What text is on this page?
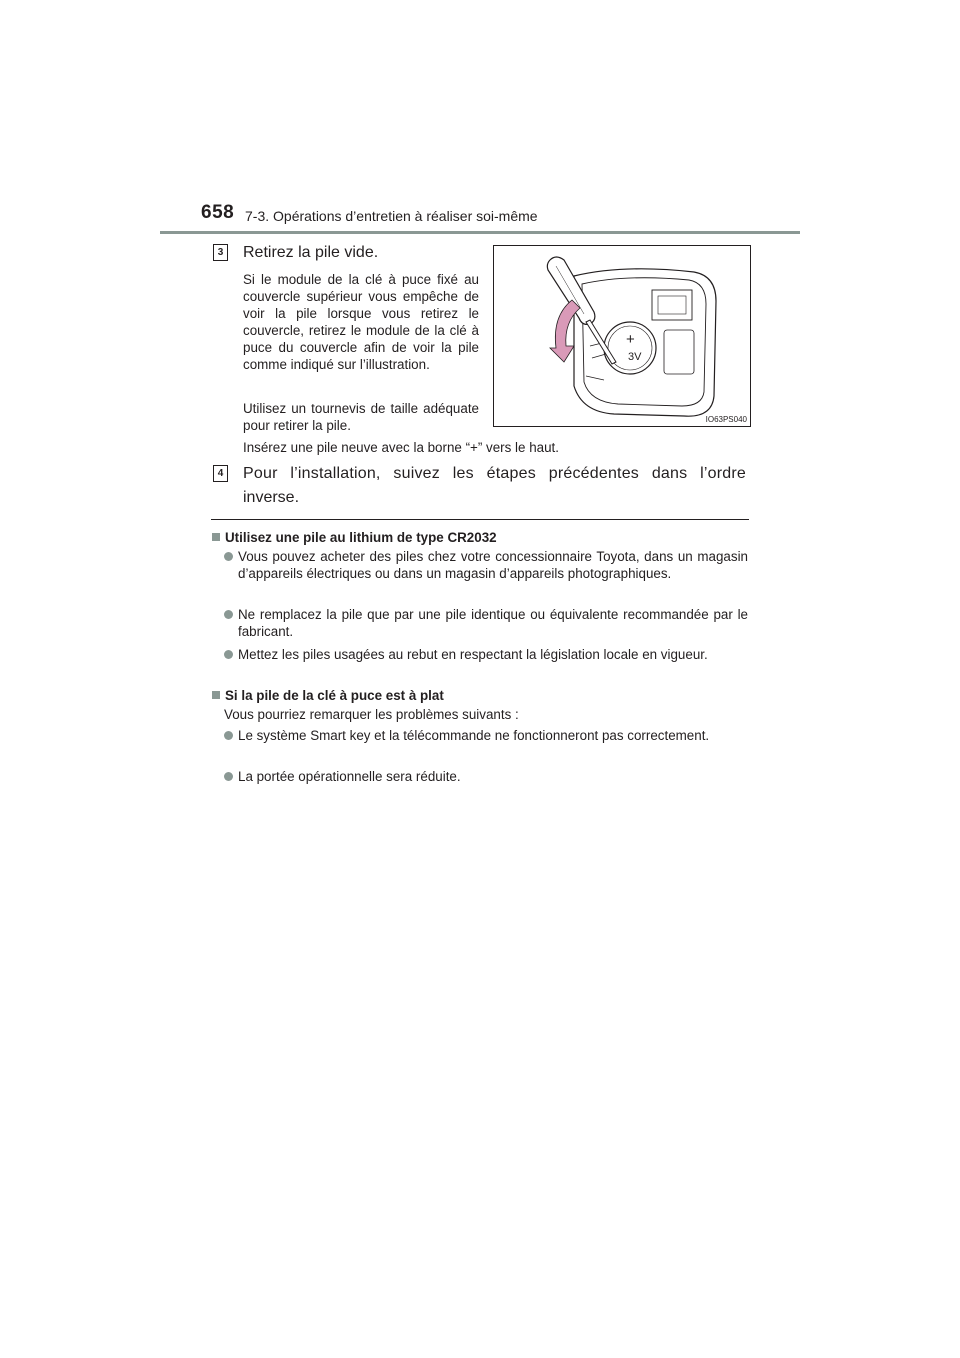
658 7-3. Opérations d’entretien à réaliser soi-même
3 Retirez la pile vide.
Si le module de la clé à puce fixé au couvercle supérieur vous empêche de voir la pile lorsque vous retirez le couvercle, retirez le module de la clé à puce du couvercle afin de voir la pile comme indiqué sur l’illustration.
Utilisez un tournevis de taille adéquate pour retirer la pile.
Insérez une pile neuve avec la borne “+” vers le haut.
+
3V
IO63PS040
4 Pour l’installation, suivez les étapes précédentes dans l’ordre
inverse.
Utilisez une pile au lithium de type CR2032
Vous pouvez acheter des piles chez votre concessionnaire Toyota, dans un magasin d’appareils électriques ou dans un magasin d’appareils photographiques.
Ne remplacez la pile que par une pile identique ou équivalente recommandée par le fabricant.
Mettez les piles usagées au rebut en respectant la législation locale en vigueur.
Si la pile de la clé à puce est à plat
Vous pourriez remarquer les problèmes suivants :
Le système Smart key et la télécommande ne fonctionneront pas correctement.
La portée opérationnelle sera réduite.
